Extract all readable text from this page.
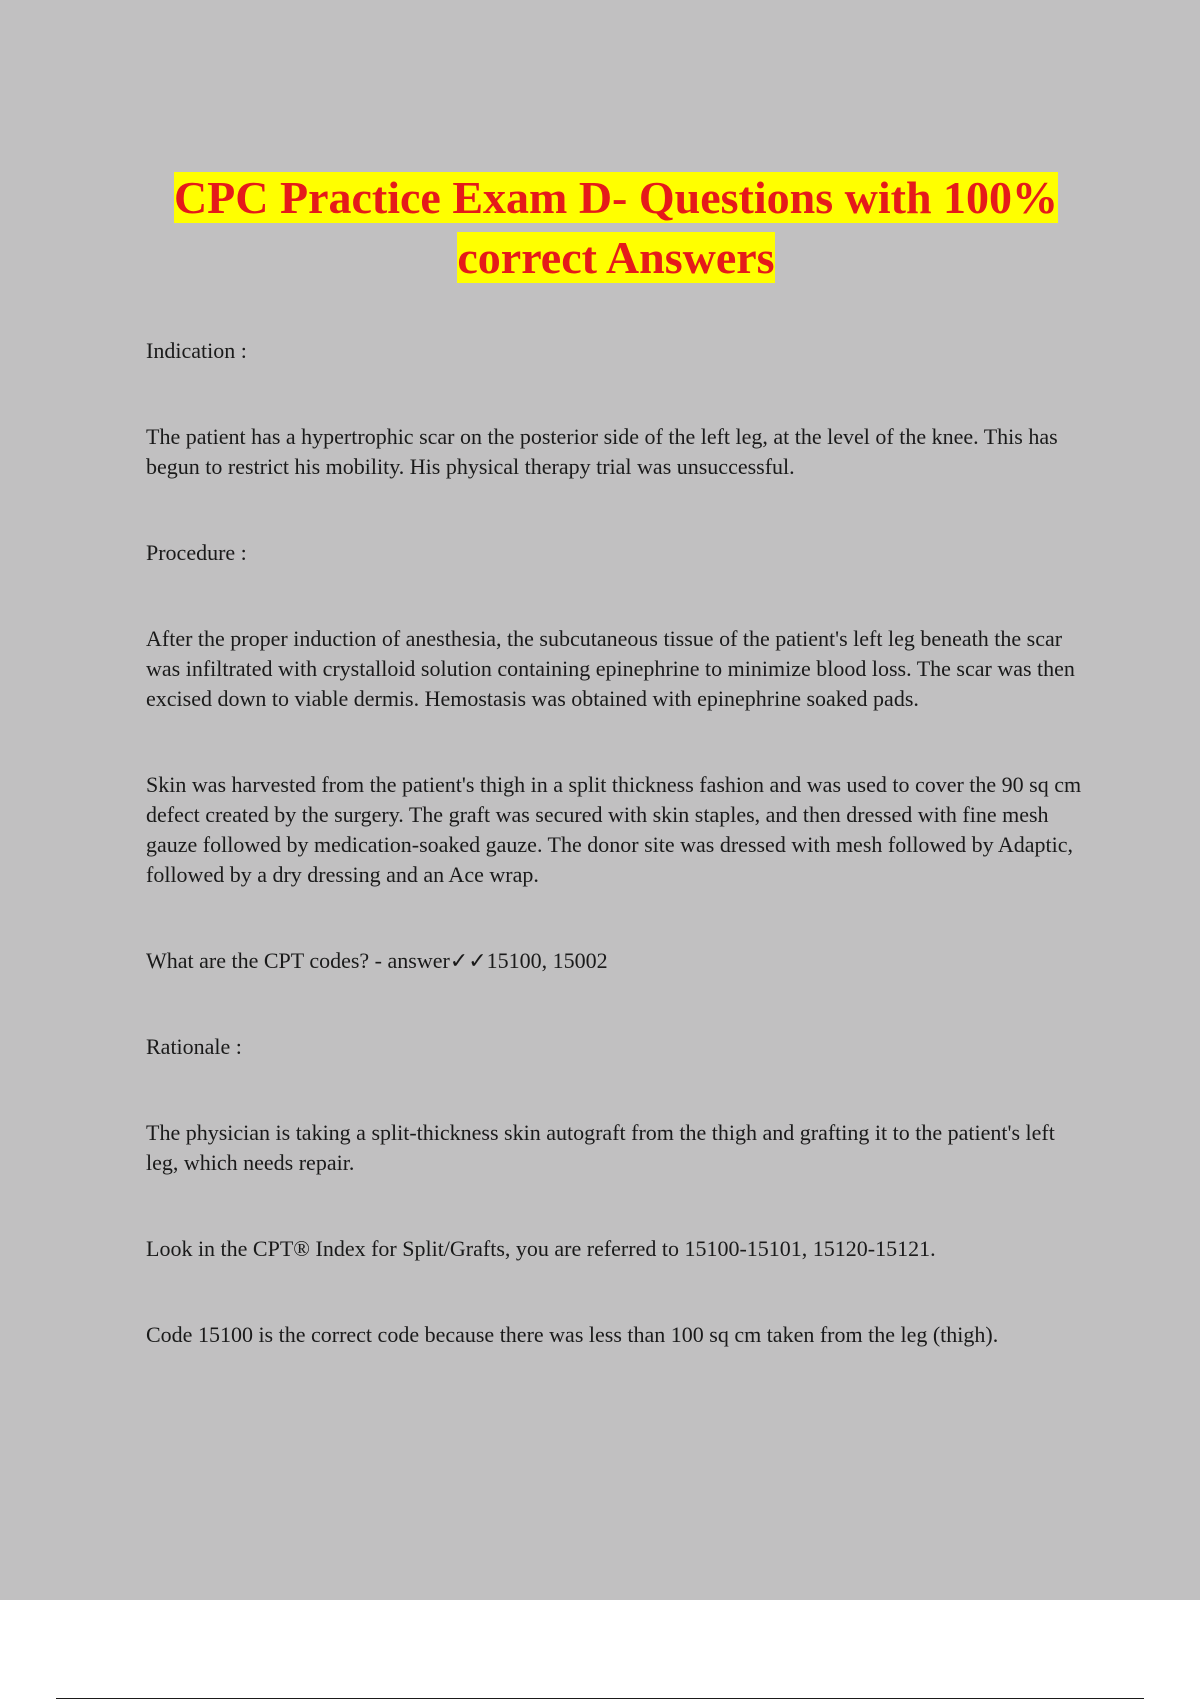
CPC Practice Exam D- Questions with 100% correct Answers

Indication :

The patient has a hypertrophic scar on the posterior side of the left leg, at the level of the knee. This has begun to restrict his mobility. His physical therapy trial was unsuccessful.

Procedure :

After the proper induction of anesthesia, the subcutaneous tissue of the patient's left leg beneath the scar was infiltrated with crystalloid solution containing epinephrine to minimize blood loss. The scar was then excised down to viable dermis. Hemostasis was obtained with epinephrine soaked pads.

Skin was harvested from the patient's thigh in a split thickness fashion and was used to cover the 90 sq cm defect created by the surgery. The graft was secured with skin staples, and then dressed with fine mesh gauze followed by medication-soaked gauze. The donor site was dressed with mesh followed by Adaptic, followed by a dry dressing and an Ace wrap.

What are the CPT codes? - answer✓✓15100, 15002

Rationale :

The physician is taking a split-thickness skin autograft from the thigh and grafting it to the patient's left leg, which needs repair.

Look in the CPT® Index for Split/Grafts, you are referred to 15100-15101, 15120-15121.

Code 15100 is the correct code because there was less than 100 sq cm taken from the leg (thigh).
